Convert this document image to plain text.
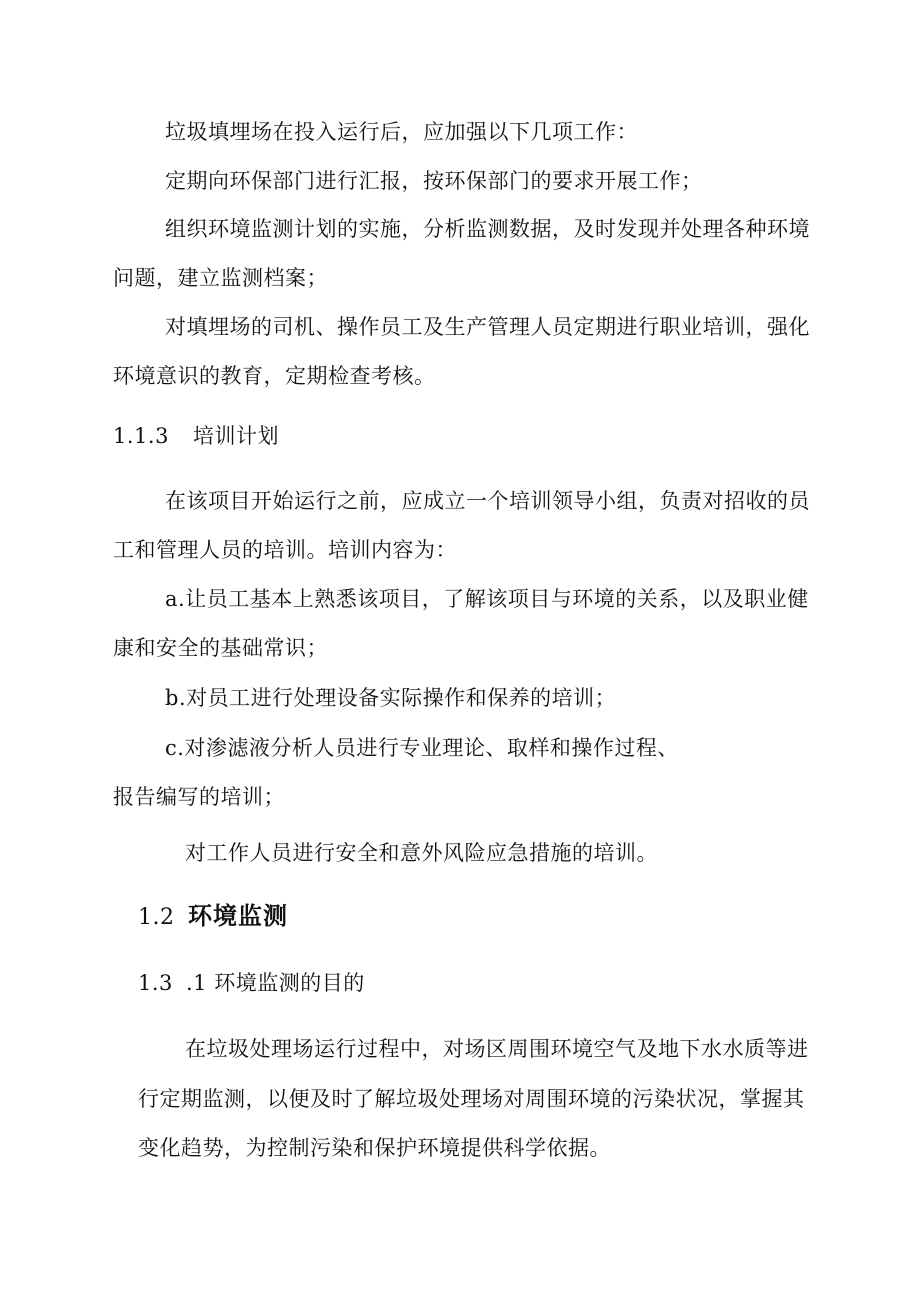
垃圾填埋场在投入运行后，应加强以下几项工作：
定期向环保部门进行汇报，按环保部门的要求开展工作；
组织环境监测计划的实施，分析监测数据，及时发现并处理各种环境
问题，建立监测档案；
对填埋场的司机、操作员工及生产管理人员定期进行职业培训，强化
环境意识的教育，定期检查考核。
1.1.3 培训计划
在该项目开始运行之前，应成立一个培训领导小组，负责对招收的员
工和管理人员的培训。培训内容为：
a.让员工基本上熟悉该项目，了解该项目与环境的关系，以及职业健
康和安全的基础常识；
b.对员工进行处理设备实际操作和保养的培训；
c.对渗滤液分析人员进行专业理论、取样和操作过程、
报告编写的培训；
对工作人员进行安全和意外风险应急措施的培训。
1.2 环境监测
1.3 .1 环境监测的目的
在垃圾处理场运行过程中，对场区周围环境空气及地下水水质等进
行定期监测，以便及时了解垃圾处理场对周围环境的污染状况，掌握其
变化趋势，为控制污染和保护环境提供科学依据。
